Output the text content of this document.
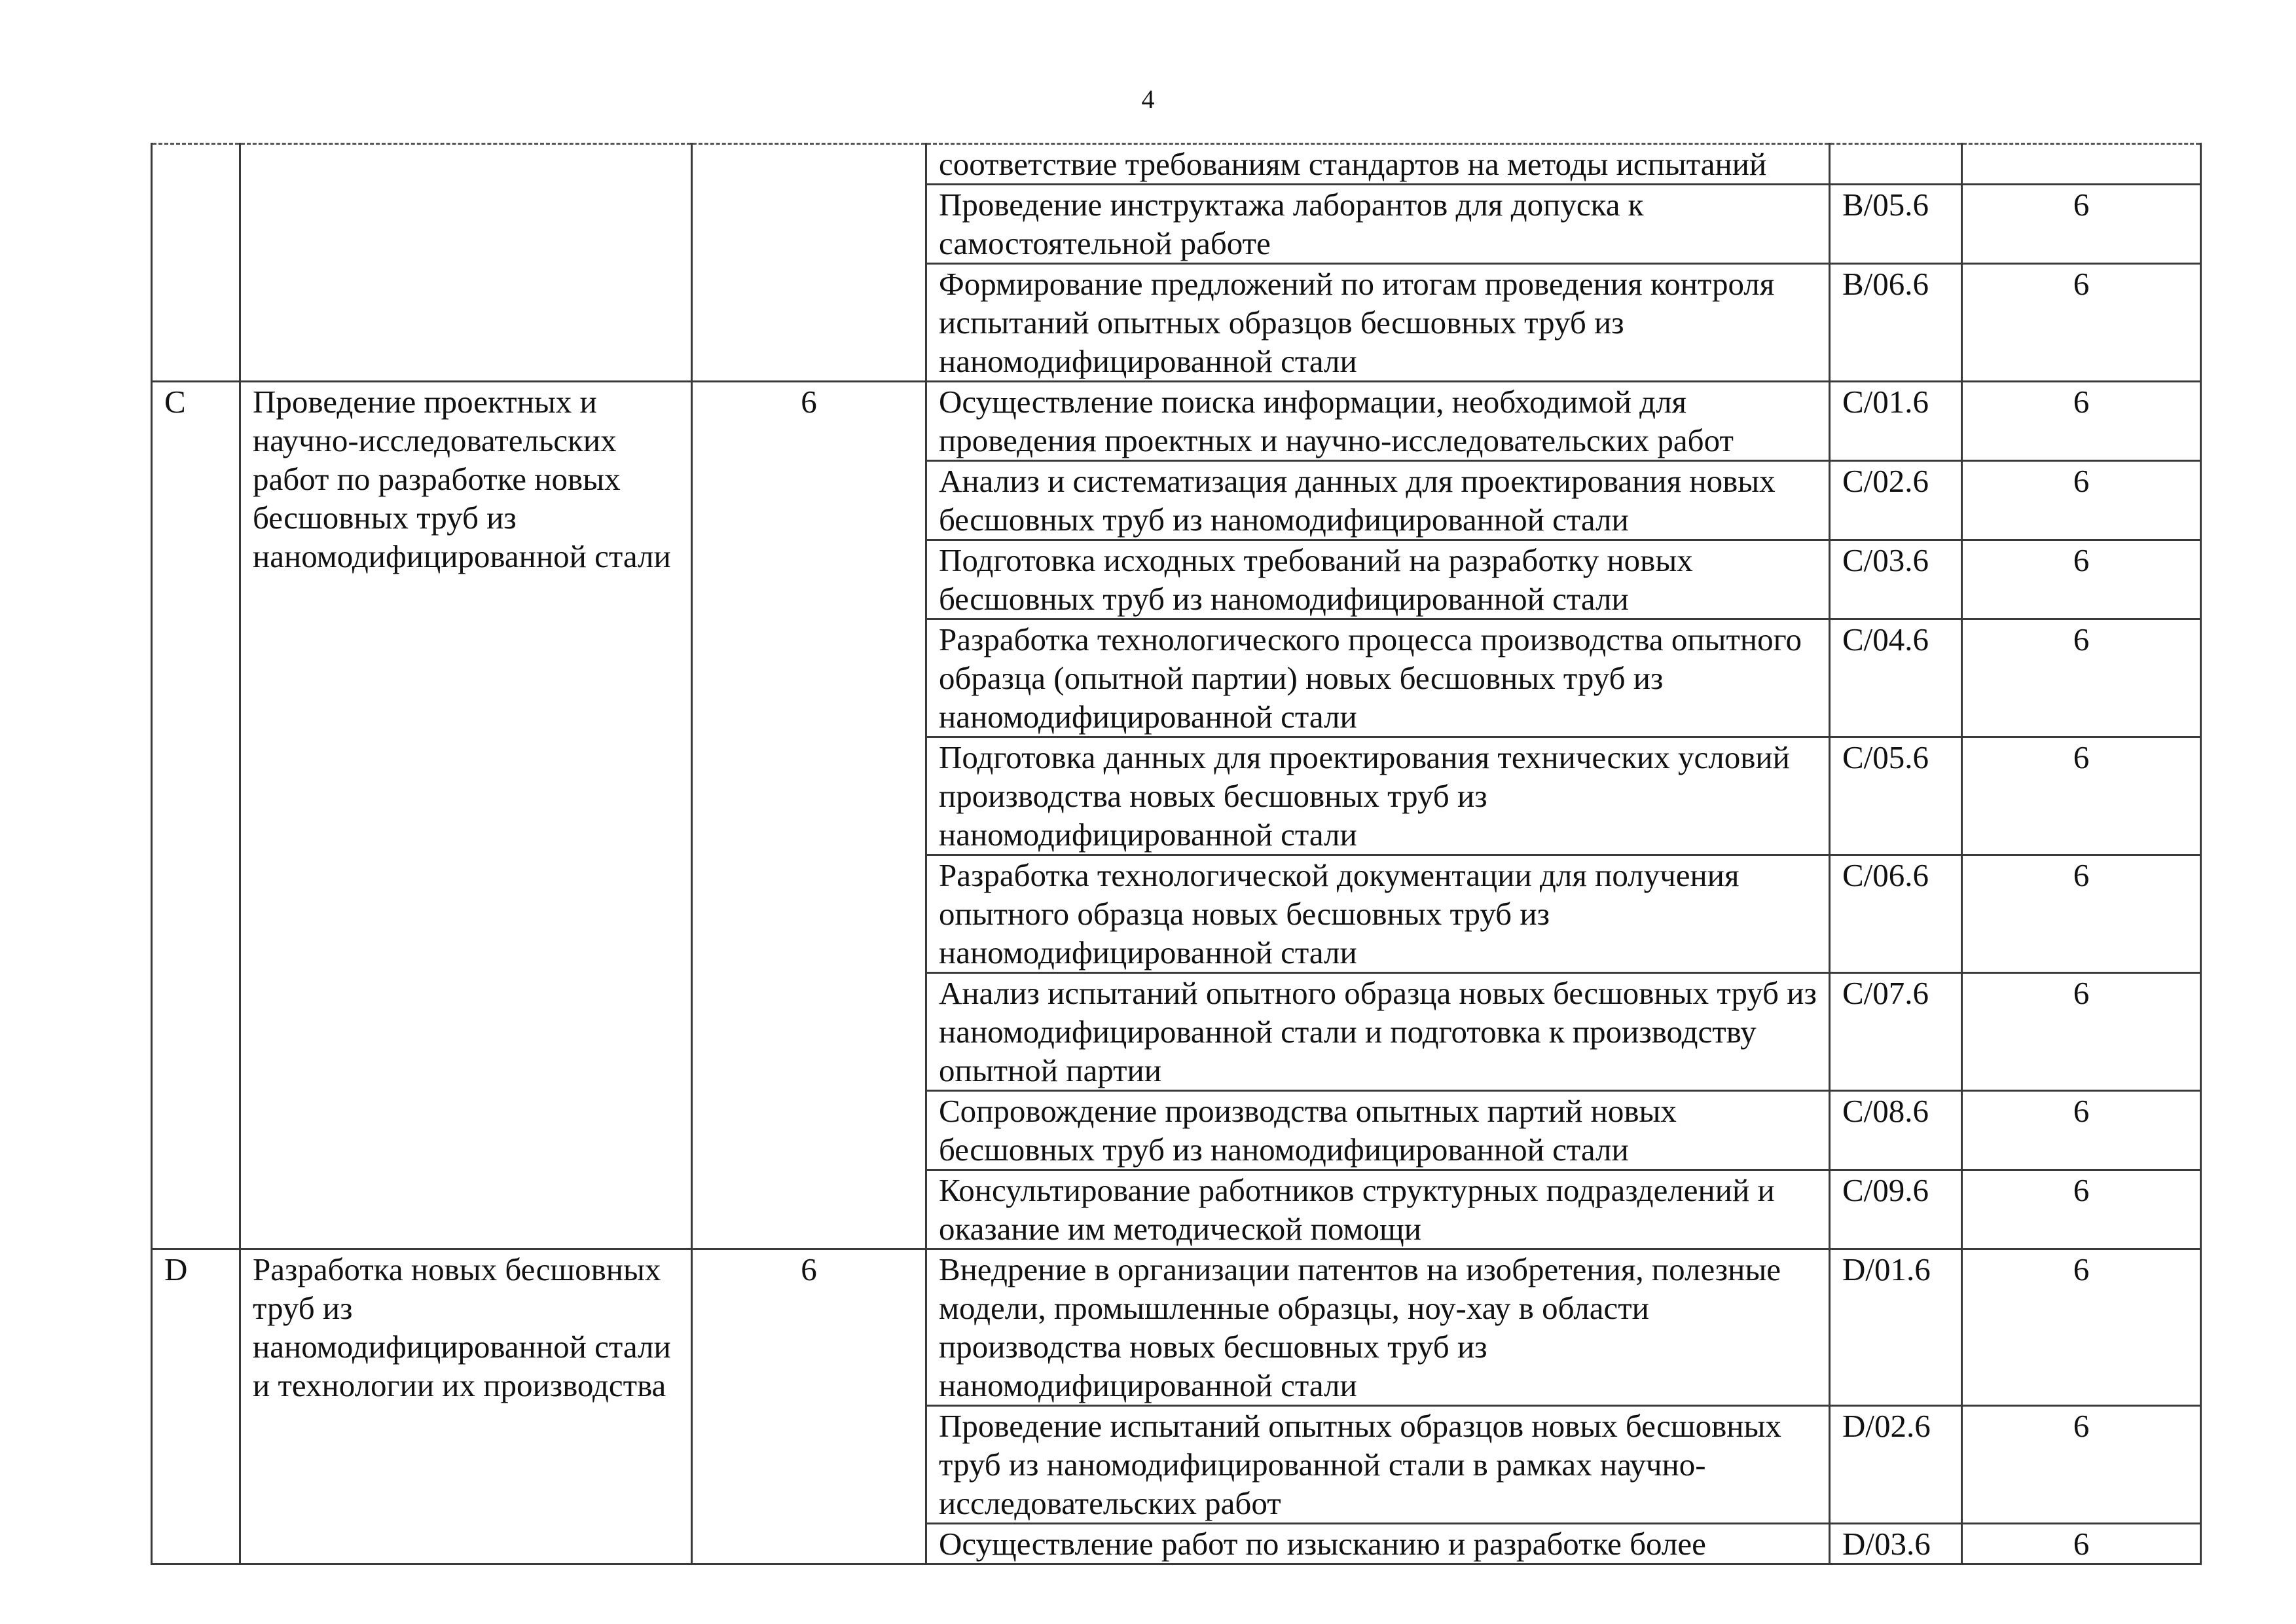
4
			соответствие требованиям стандартов на методы испытаний		
			Проведение инструктажа лаборантов для допуска к самостоятельной работе	B/05.6	6
			Формирование предложений по итогам проведения контроля испытаний опытных образцов бесшовных труб из наномодифицированной стали	B/06.6	6
C	Проведение проектных и научно-исследовательских работ по разработке новых бесшовных труб из наномодифицированной стали	6	Осуществление поиска информации, необходимой для проведения проектных и научно-исследовательских работ	C/01.6	6
			Анализ и систематизация данных для проектирования новых бесшовных труб из наномодифицированной стали	C/02.6	6
			Подготовка исходных требований на разработку новых бесшовных труб из наномодифицированной стали	C/03.6	6
			Разработка технологического процесса производства опытного образца (опытной партии) новых бесшовных труб из наномодифицированной стали	C/04.6	6
			Подготовка данных для проектирования технических условий производства новых бесшовных труб из наномодифицированной стали	C/05.6	6
			Разработка технологической документации для получения опытного образца новых бесшовных труб из наномодифицированной стали	C/06.6	6
			Анализ испытаний опытного образца новых бесшовных труб из наномодифицированной стали и подготовка к производству опытной партии	C/07.6	6
			Сопровождение производства опытных партий новых бесшовных труб из наномодифицированной стали	C/08.6	6
			Консультирование работников структурных подразделений и оказание им методической помощи	C/09.6	6
D	Разработка новых бесшовных труб из наномодифицированной стали и технологии их производства	6	Внедрение в организации патентов на изобретения, полезные модели, промышленные образцы, ноу-хау в области производства новых бесшовных труб из наномодифицированной стали	D/01.6	6
			Проведение испытаний опытных образцов новых бесшовных труб из наномодифицированной стали в рамках научно-исследовательских работ	D/02.6	6
			Осуществление работ по изысканию и разработке более	D/03.6	6
